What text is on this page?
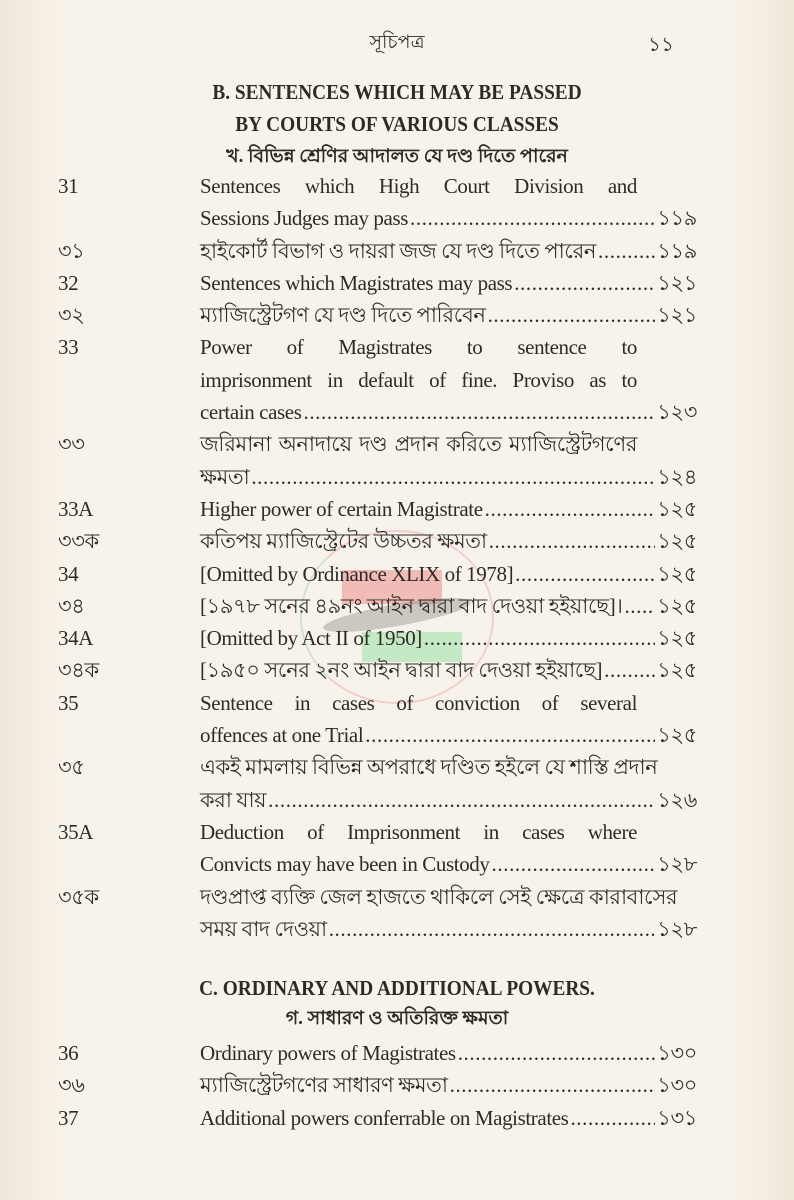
সূচিপত্র	১১
B. SENTENCES WHICH MAY BE PASSED
BY COURTS OF VARIOUS CLASSES
খ. বিভিন্ন শ্রেণির আদালত যে দণ্ড দিতে পারেন
31	Sentences which High Court Division and
Sessions Judges may pass .....	১১৯
৩১	হাইকোর্ট বিভাগ ও দায়রা জজ যে দণ্ড দিতে পারেন .....	১১৯
32	Sentences which Magistrates may pass .....	১২১
৩২	ম্যাজিস্ট্রেটগণ যে দণ্ড দিতে পারিবেন .....	১২১
33	Power of Magistrates to sentence to
imprisonment in default of fine. Proviso as to
certain cases .....	১২৩
৩৩	জরিমানা অনাদায়ে দণ্ড প্রদান করিতে ম্যাজিস্ট্রেটগণের
ক্ষমতা .....	১২৪
33A	Higher power of certain Magistrate .....	১২৫
৩৩ক	কতিপয় ম্যাজিস্ট্রেটের উচ্চতর ক্ষমতা .....	১২৫
34	[Omitted by Ordinance XLIX of 1978] .....	১২৫
৩৪	[১৯৭৮ সনের ৪৯নং আইন দ্বারা বাদ দেওয়া হইয়াছে]। ..... ১২৫
34A	[Omitted by Act II of 1950] .....	১২৫
৩৪ক	[১৯৫০ সনের ২নং আইন দ্বারা বাদ দেওয়া হইয়াছে] .....	১২৫
35	Sentence in cases of conviction of several
offences at one Trial .....	১২৫
৩৫	একই মামলায় বিভিন্ন অপরাধে দণ্ডিত হইলে যে শাস্তি প্রদান
করা যায় .....	১২৬
35A	Deduction of Imprisonment in cases where
Convicts may have been in Custody .....	১২৮
৩৫ক	দণ্ডপ্রাপ্ত ব্যক্তি জেল হাজতে থাকিলে সেই ক্ষেত্রে কারাবাসের
সময় বাদ দেওয়া .....	১২৮
C. ORDINARY AND ADDITIONAL POWERS.
গ. সাধারণ ও অতিরিক্ত ক্ষমতা
36	Ordinary powers of Magistrates .....	১৩০
৩৬	ম্যাজিস্ট্রেটগণের সাধারণ ক্ষমতা .....	১৩০
37	Additional powers conferrable on Magistrates .....	১৩১
